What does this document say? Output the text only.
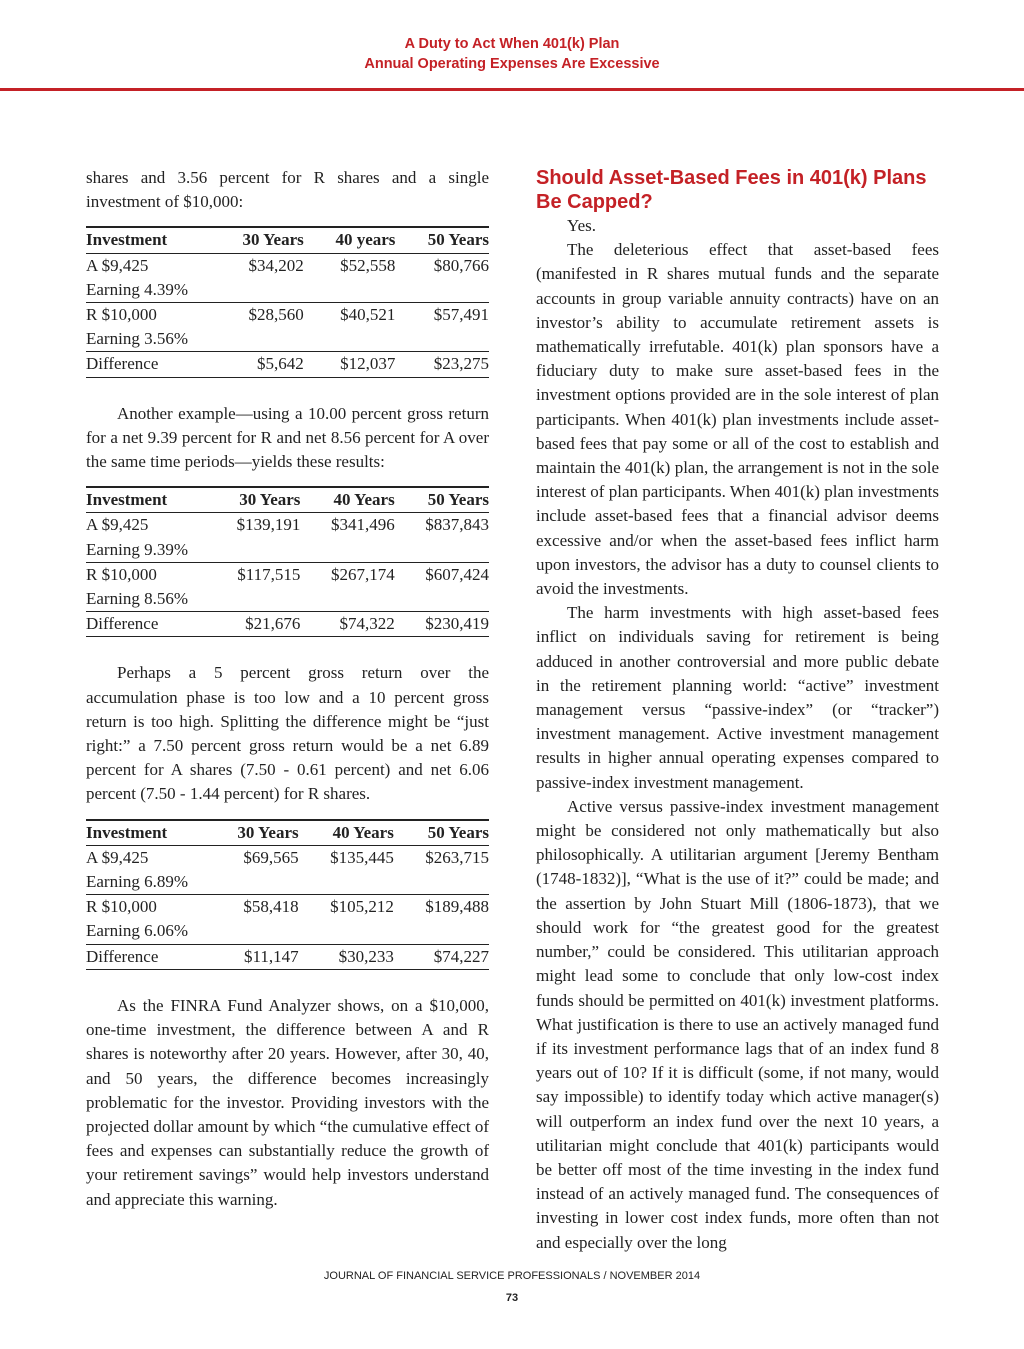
A Duty to Act When 401(k) Plan
Annual Operating Expenses Are Excessive

shares and 3.56 percent for R shares and a single investment of $10,000:

Investment	30 Years	40 years	50 Years
A $9,425	$34,202	$52,558	$80,766
Earning 4.39%			
R $10,000	$28,560	$40,521	$57,491
Earning 3.56%			
Difference	$5,642	$12,037	$23,275

Another example—using a 10.00 percent gross return for a net 9.39 percent for R and net 8.56 percent for A over the same time periods—yields these results:

Investment	30 Years	40 Years	50 Years
A $9,425	$139,191	$341,496	$837,843
Earning 9.39%			
R $10,000	$117,515	$267,174	$607,424
Earning 8.56%			
Difference	$21,676	$74,322	$230,419

Perhaps a 5 percent gross return over the accumulation phase is too low and a 10 percent gross return is too high. Splitting the difference might be “just right:” a 7.50 percent gross return would be a net 6.89 percent for A shares (7.50 - 0.61 percent) and net 6.06 percent (7.50 - 1.44 percent) for R shares.

Investment	30 Years	40 Years	50 Years
A $9,425	$69,565	$135,445	$263,715
Earning 6.89%			
R $10,000	$58,418	$105,212	$189,488
Earning 6.06%			
Difference	$11,147	$30,233	$74,227

As the FINRA Fund Analyzer shows, on a $10,000, one-time investment, the difference between A and R shares is noteworthy after 20 years. However, after 30, 40, and 50 years, the difference becomes increasingly problematic for the investor. Providing investors with the projected dollar amount by which “the cumulative effect of fees and expenses can substantially reduce the growth of your retirement savings” would help investors understand and appreciate this warning.

Should Asset-Based Fees in 401(k) Plans Be Capped?

Yes.

The deleterious effect that asset-based fees (manifested in R shares mutual funds and the separate accounts in group variable annuity contracts) have on an investor’s ability to accumulate retirement assets is mathematically irrefutable. 401(k) plan sponsors have a fiduciary duty to make sure asset-based fees in the investment options provided are in the sole interest of plan participants. When 401(k) plan investments include asset-based fees that pay some or all of the cost to establish and maintain the 401(k) plan, the arrangement is not in the sole interest of plan participants. When 401(k) plan investments include asset-based fees that a financial advisor deems excessive and/or when the asset-based fees inflict harm upon investors, the advisor has a duty to counsel clients to avoid the investments.

The harm investments with high asset-based fees inflict on individuals saving for retirement is being adduced in another controversial and more public debate in the retirement planning world: “active” investment management versus “passive-index” (or “tracker”) investment management. Active investment management results in higher annual operating expenses compared to passive-index investment management.

Active versus passive-index investment management might be considered not only mathematically but also philosophically. A utilitarian argument [Jeremy Bentham (1748-1832)], “What is the use of it?” could be made; and the assertion by John Stuart Mill (1806-1873), that we should work for “the greatest good for the greatest number,” could be considered. This utilitarian approach might lead some to conclude that only low-cost index funds should be permitted on 401(k) investment platforms. What justification is there to use an actively managed fund if its investment performance lags that of an index fund 8 years out of 10? If it is difficult (some, if not many, would say impossible) to identify today which active manager(s) will outperform an index fund over the next 10 years, a utilitarian might conclude that 401(k) participants would be better off most of the time investing in the index fund instead of an actively managed fund. The consequences of investing in lower cost index funds, more often than not and especially over the long

JOURNAL OF FINANCIAL SERVICE PROFESSIONALS / NOVEMBER 2014
73
